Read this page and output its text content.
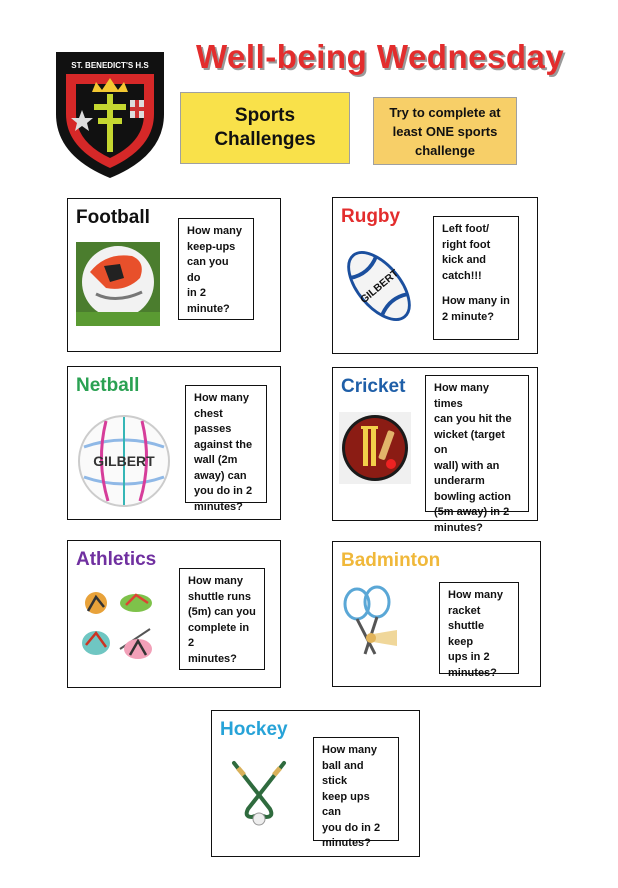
Well-being Wednesday
ST. BENEDICT'S H.S
Sports
Challenges
Try to complete at
least ONE sports
challenge
Football
How many
keep-ups
can you do
in 2
minute?
Rugby
GILBERT
Left foot/
right foot
kick and
catch!!!
How many in
2 minute?
Netball
GILBERT
How many
chest passes
against the
wall (2m
away) can
you do in 2
minutes?
Cricket	How many times
can you hit the
wicket (target on
wall) with an
underarm
bowling action
(5m away) in 2
minutes?
Athletics
How many
shuttle runs
(5m) can you
complete in 2
minutes?
Badminton
How many
racket
shuttle keep
ups in 2
minutes?
Hockey
How many
ball and stick
keep ups can
you do in 2
minutes?
